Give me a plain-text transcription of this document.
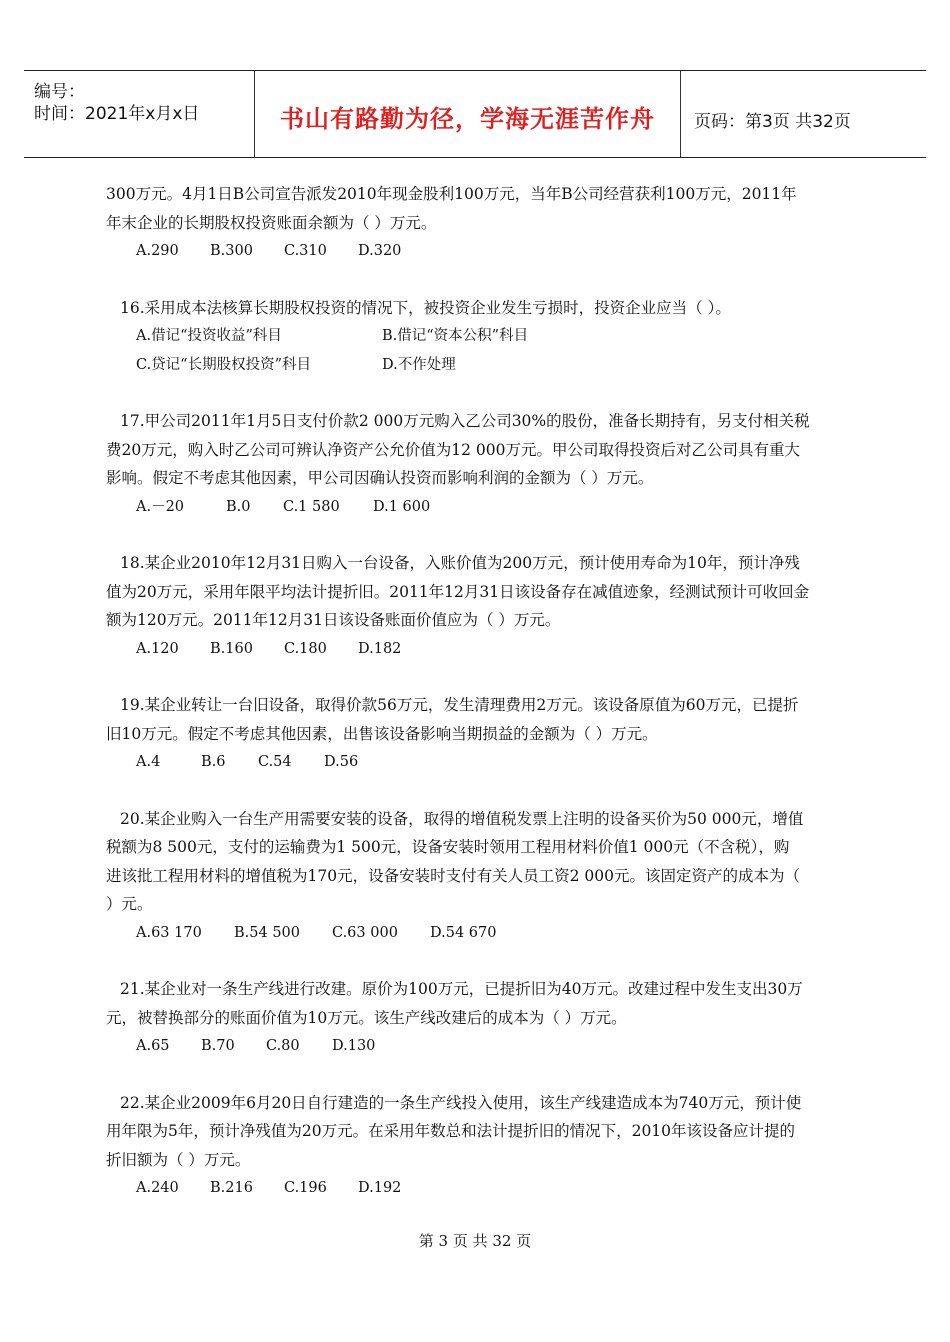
编号：
时间：2021年x月x日	书山有路勤为径，学海无涯苦作舟	页码：第3页 共32页

300万元。4月1日B公司宣告派发2010年现金股利100万元，当年B公司经营获利100万元，2011年

年末企业的长期股权投资账面余额为（ ）万元。

A.290 B.300 C.310 D.320

16.采用成本法核算长期股权投资的情况下，被投资企业发生亏损时，投资企业应当（ ）。

A.借记“投资收益”科目	B.借记“资本公积”科目

C.贷记“长期股权投资”科目	D.不作处理

17.甲公司2011年1月5日支付价款2 000万元购入乙公司30%的股份，准备长期持有，另支付相关税

费20万元，购入时乙公司可辨认净资产公允价值为12 000万元。甲公司取得投资后对乙公司具有重大

影响。假定不考虑其他因素，甲公司因确认投资而影响利润的金额为（ ）万元。

A.－20	B.0 C.1 580 D.1 600

18.某企业2010年12月31日购入一台设备，入账价值为200万元，预计使用寿命为10年，预计净残

值为20万元，采用年限平均法计提折旧。2011年12月31日该设备存在减值迹象，经测试预计可收回金

额为120万元。2011年12月31日该设备账面价值应为（ ）万元。

A.120 B.160 C.180 D.182

19.某企业转让一台旧设备，取得价款56万元，发生清理费用2万元。该设备原值为60万元，已提折

旧10万元。假定不考虑其他因素，出售该设备影响当期损益的金额为（ ）万元。

A.4	B.6 C.54 D.56

20.某企业购入一台生产用需要安装的设备，取得的增值税发票上注明的设备买价为50 000元，增值

税额为8 500元，支付的运输费为1 500元，设备安装时领用工程用材料价值1 000元（不含税），购

进该批工程用材料的增值税为170元，设备安装时支付有关人员工资2 000元。该固定资产的成本为（

）元。

A.63 170 B.54 500 C.63 000 D.54 670

21.某企业对一条生产线进行改建。原价为100万元，已提折旧为40万元。改建过程中发生支出30万

元，被替换部分的账面价值为10万元。该生产线改建后的成本为（ ）万元。

A.65 B.70 C.80 D.130

22.某企业2009年6月20日自行建造的一条生产线投入使用，该生产线建造成本为740万元，预计使

用年限为5年，预计净残值为20万元。在采用年数总和法计提折旧的情况下，2010年该设备应计提的

折旧额为（ ）万元。

A.240 B.216 C.196 D.192

第 3 页 共 32 页
